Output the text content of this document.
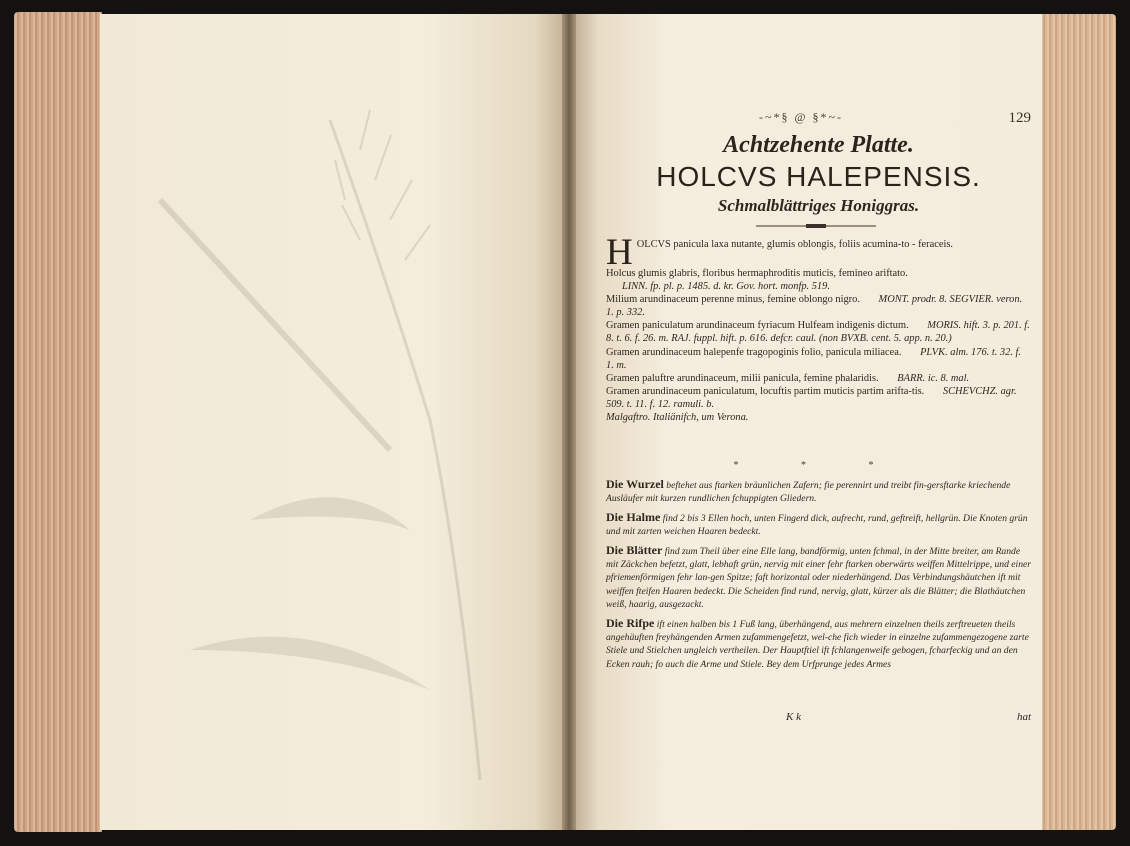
-~*§ @ §*~-	129
Achtzehente Platte.
HOLCVS HALEPENSIS.
Schmalblättriges Honiggras.

H OLCVS panicula laxa nutante, glumis oblongis, foliis acumina-to - feraceis.

Holcus glumis glabris, floribus hermaphroditis muticis, femineo ariftato.
LINN. fp. pl. p. 1485. d. kr. Gov. hort. monfp. 519.

Milium arundinaceum perenne minus, femine oblongo nigro. MONT. prodr. 8. SEGVIER. veron. 1. p. 332.

Gramen paniculatum arundinaceum fyriacum Hulfeam indigenis dictum. MORIS. hift. 3. p. 201. f. 8. t. 6. f. 26. m. RAJ. fuppl. hift. p. 616. defcr. caul. (non BVXB. cent. 5. app. n. 20.)

Gramen arundinaceum halepenfe tragopoginis folio, panicula miliacea. PLVK. alm. 176. t. 32. f. 1. m.

Gramen paluftre arundinaceum, milii panicula, femine phalaridis. BARR. ic. 8. mal.

Gramen arundinaceum paniculatum, locuftis partim muticis partim arifta-tis. SCHEVCHZ. agr. 509. t. 11. f. 12. ramuli. b.

Malgaftro. Italiänifch, um Verona.

* * *

Die Wurzel beftehet aus ftarken bräunlichen Zafern; fie perennirt und treibt fin-gersftarke kriechende Ausläufer mit kurzen rundlichen fchuppigten Gliedern.

Die Halme find 2 bis 3 Ellen hoch, unten Fingerd dick, aufrecht, rund, geftreift, hellgrün. Die Knoten grün und mit zarten weichen Haaren bedeckt.

Die Blätter find zum Theil über eine Elle lang, bandförmig, unten fchmal, in der Mitte breiter, am Rande mit Zäckchen befetzt, glatt, lebhaft grün, nervig mit einer fehr ftarken oberwärts weiffen Mittelrippe, und einer pfriemenförmigen fehr lan-gen Spitze; faft horizontal oder niederhängend. Das Verbindungshäutchen ift mit weiffen fteifen Haaren bedeckt. Die Scheiden find rund, nervig, glatt, kürzer als die Blätter; die Blathäutchen weiß, haarig, ausgezackt.

Die Rifpe ift einen halben bis 1 Fuß lang, überhängend, aus mehrern einzelnen theils zerftreueten theils angehäuften freyhängenden Armen zufammengefetzt, wel-che fich wieder in einzelne zufammengezogene zarte Stiele und Stielchen ungleich vertheilen. Der Hauptftiel ift fchlangenweife gebogen, fcharfeckig und an den Ecken rauh; fo auch die Arme und Stiele. Bey dem Urfprunge jedes Armes

K k	hat
